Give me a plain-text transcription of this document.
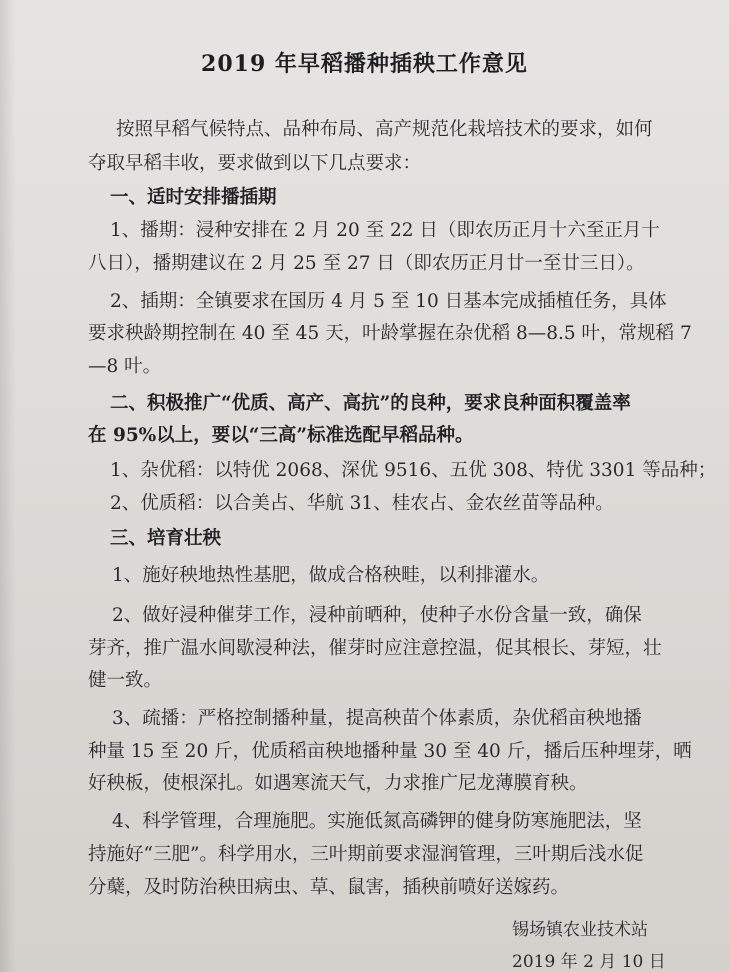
2019 年早稻播种插秧工作意见
按照早稻气候特点、品种布局、高产规范化栽培技术的要求，如何
夺取早稻丰收，要求做到以下几点要求：
一、适时安排播插期
1、播期：浸种安排在 2 月 20 至 22 日（即农历正月十六至正月十
八日），播期建议在 2 月 25 至 27 日（即农历正月廿一至廿三日）。
2、插期：全镇要求在国历 4 月 5 至 10 日基本完成插植任务，具体
要求秧龄期控制在 40 至 45 天，叶龄掌握在杂优稻 8—8.5 叶，常规稻 7
—8 叶。
二、积极推广“优质、高产、高抗”的良种，要求良种面积覆盖率
在 95%以上，要以“三高”标准选配早稻品种。
1、杂优稻：以特优 2068、深优 9516、五优 308、特优 3301 等品种；
2、优质稻：以合美占、华航 31、桂农占、金农丝苗等品种。
三、培育壮秧
1、施好秧地热性基肥，做成合格秧畦，以利排灌水。
2、做好浸种催芽工作，浸种前晒种，使种子水份含量一致，确保
芽齐，推广温水间歇浸种法，催芽时应注意控温，促其根长、芽短，壮
健一致。
3、疏播：严格控制播种量，提高秧苗个体素质，杂优稻亩秧地播
种量 15 至 20 斤，优质稻亩秧地播种量 30 至 40 斤，播后压种埋芽，晒
好秧板，使根深扎。如遇寒流天气，力求推广尼龙薄膜育秧。
4、科学管理，合理施肥。实施低氮高磷钾的健身防寒施肥法，坚
持施好“三肥”。科学用水，三叶期前要求湿润管理，三叶期后浅水促
分蘖，及时防治秧田病虫、草、鼠害，插秧前喷好送嫁药。
锡场镇农业技术站
2019 年 2 月 10 日
